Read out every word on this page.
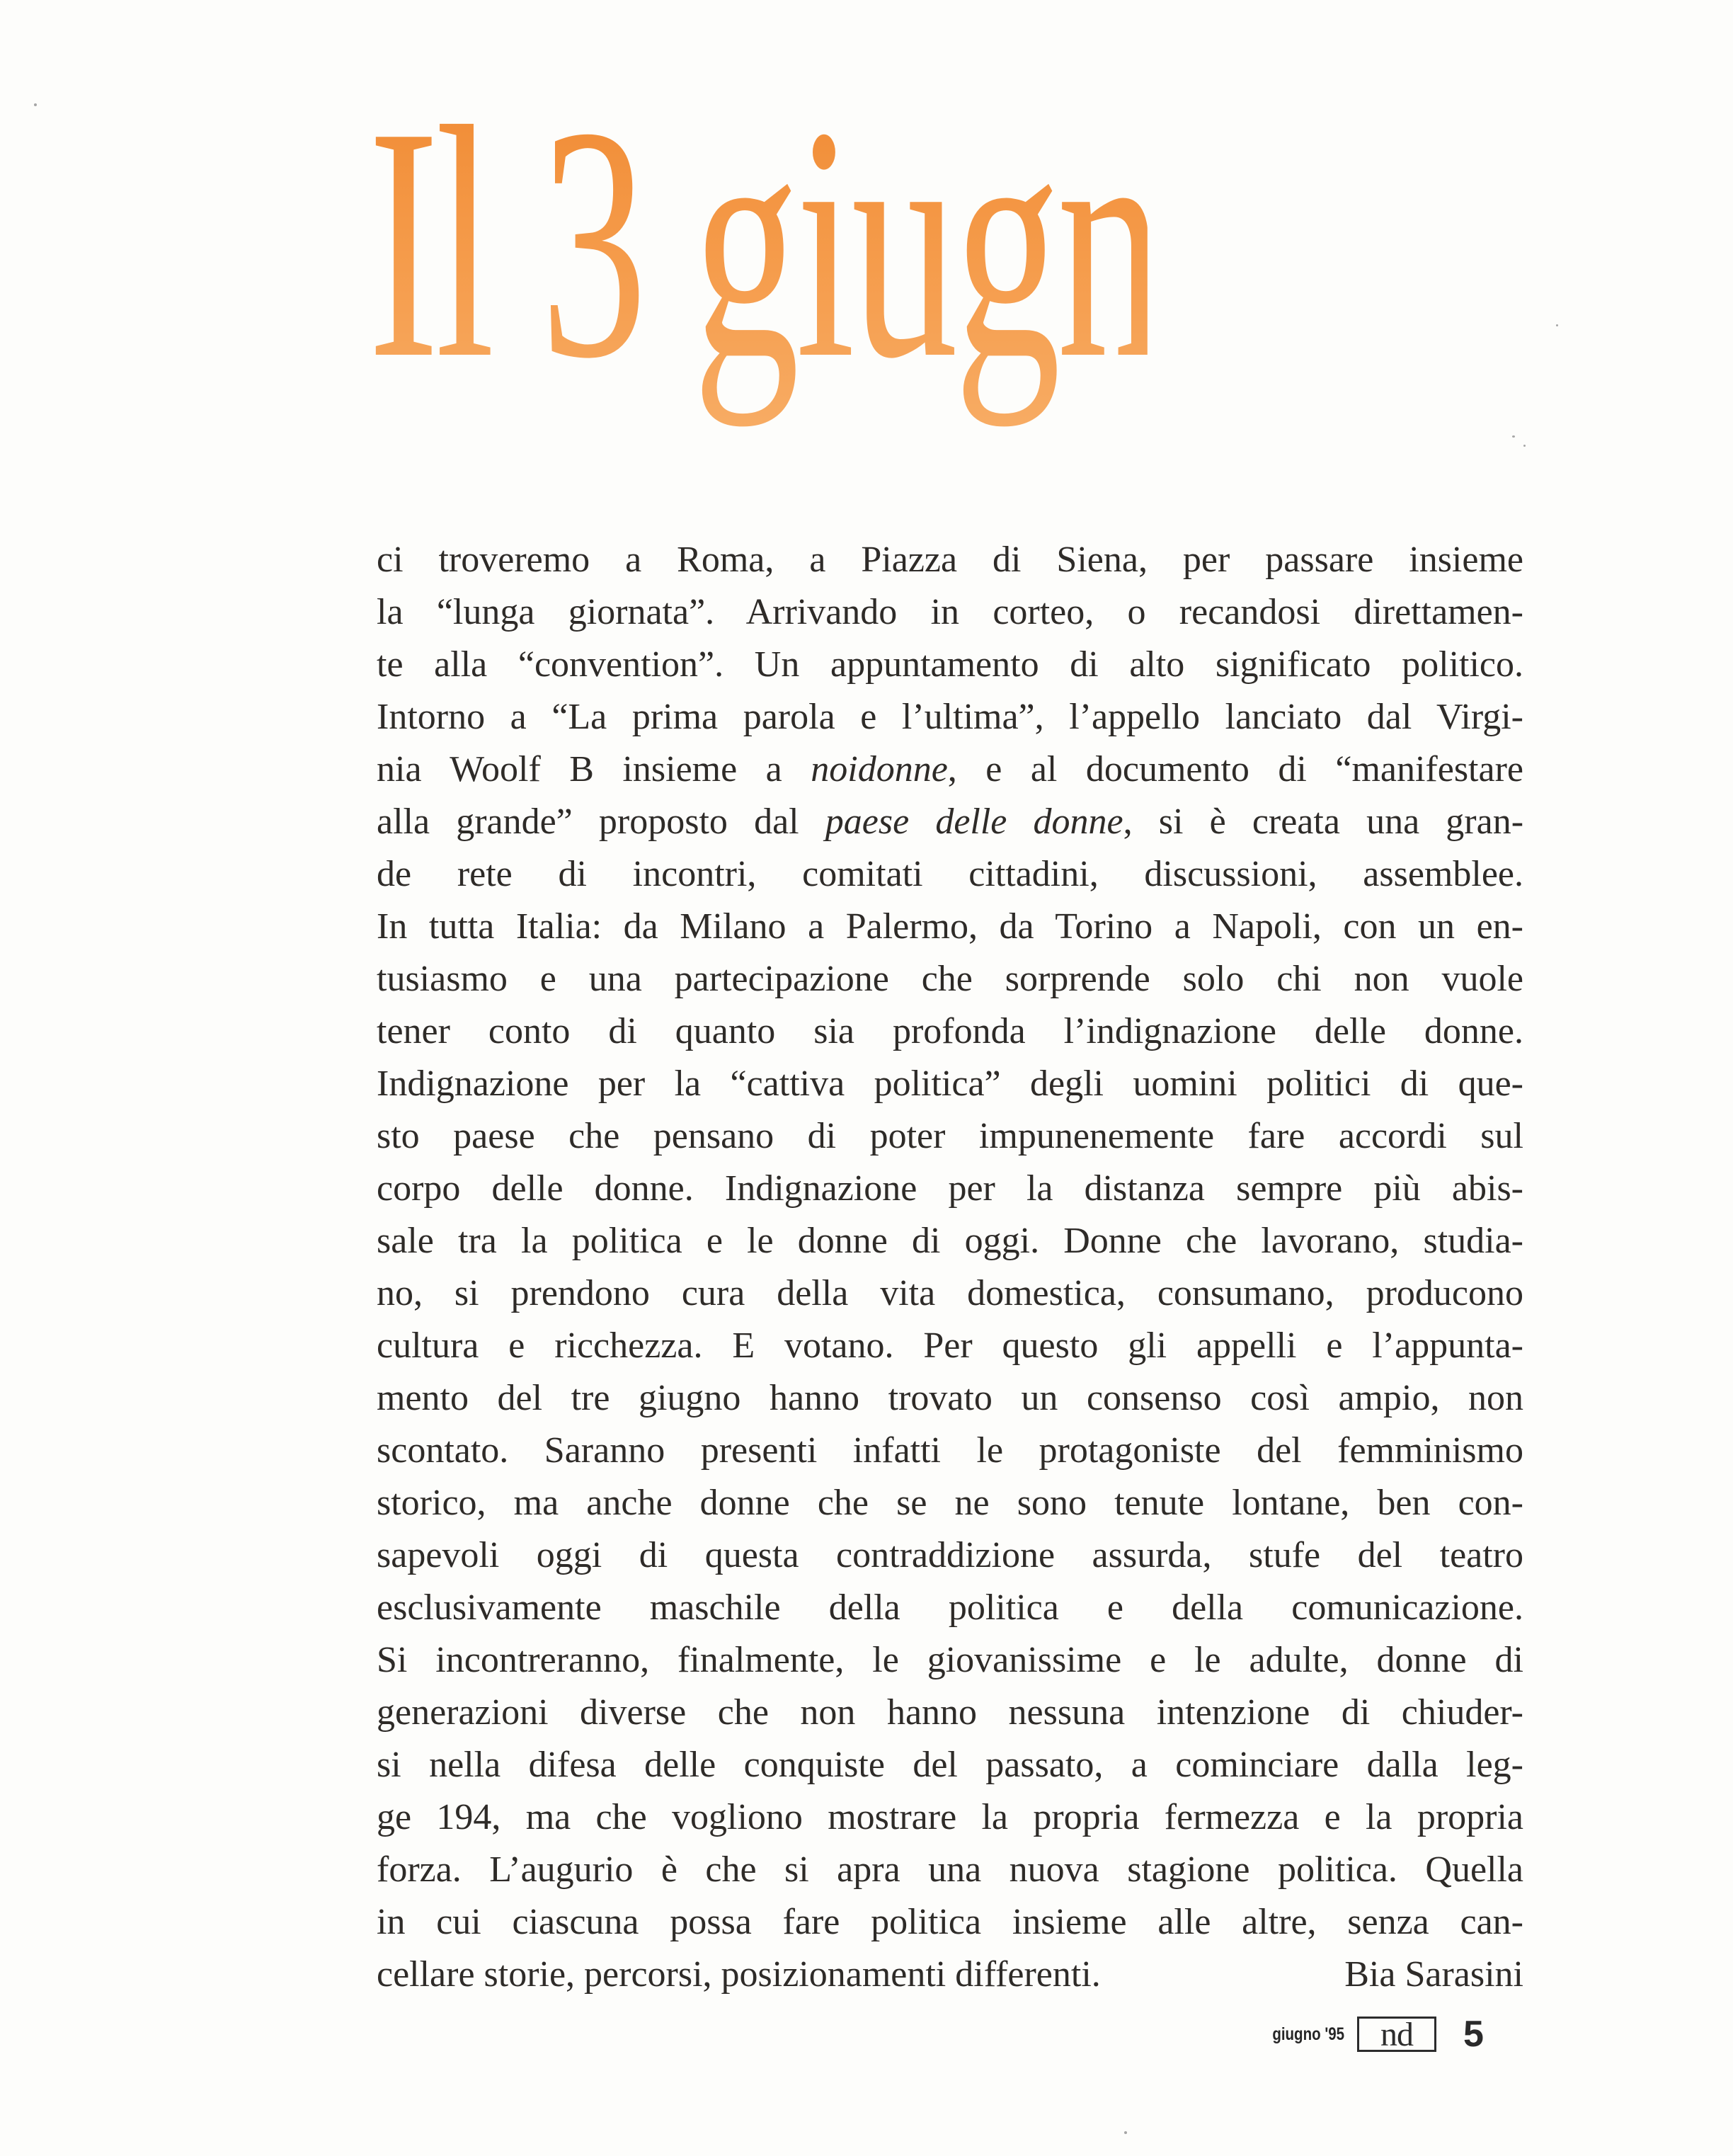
Il 3 giugno
ci troveremo a Roma, a Piazza di Siena, per passare insieme
la “lunga giornata”. Arrivando in corteo, o recandosi direttamen-
te alla “convention”. Un appuntamento di alto significato politico.
Intorno a “La prima parola e l’ultima”, l’appello lanciato dal Virgi-
nia Woolf B insieme a noidonne, e al documento di “manifestare
alla grande” proposto dal paese delle donne, si è creata una gran-
de rete di incontri, comitati cittadini, discussioni, assemblee.
In tutta Italia: da Milano a Palermo, da Torino a Napoli, con un en-
tusiasmo e una partecipazione che sorprende solo chi non vuole
tener conto di quanto sia profonda l’indignazione delle donne.
Indignazione per la “cattiva politica” degli uomini politici di que-
sto paese che pensano di poter impunenemente fare accordi sul
corpo delle donne. Indignazione per la distanza sempre più abis-
sale tra la politica e le donne di oggi. Donne che lavorano, studia-
no, si prendono cura della vita domestica, consumano, producono
cultura e ricchezza. E votano. Per questo gli appelli e l’appunta-
mento del tre giugno hanno trovato un consenso così ampio, non
scontato. Saranno presenti infatti le protagoniste del femminismo
storico, ma anche donne che se ne sono tenute lontane, ben con-
sapevoli oggi di questa contraddizione assurda, stufe del teatro
esclusivamente maschile della politica e della comunicazione.
Si incontreranno, finalmente, le giovanissime e le adulte, donne di
generazioni diverse che non hanno nessuna intenzione di chiuder-
si nella difesa delle conquiste del passato, a cominciare dalla leg-
ge 194, ma che vogliono mostrare la propria fermezza e la propria
forza. L’augurio è che si apra una nuova stagione politica. Quella
in cui ciascuna possa fare politica insieme alle altre, senza can-
cellare storie, percorsi, posizionamenti differenti.	Bia Sarasini
giugno '95 nd 5
